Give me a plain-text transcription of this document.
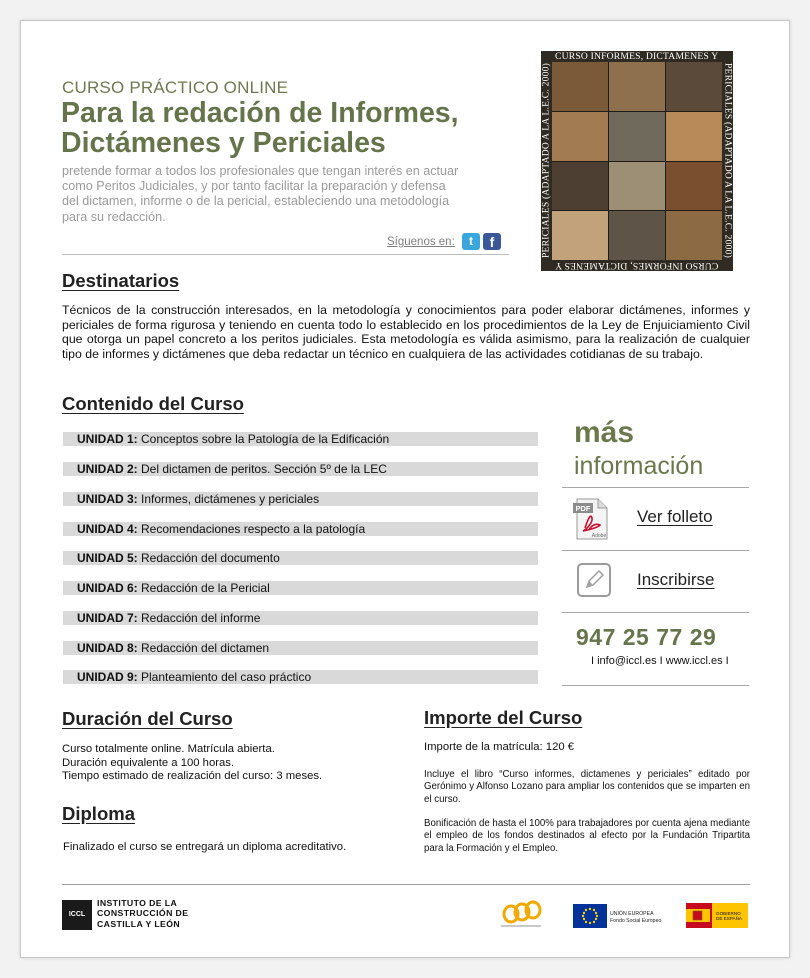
CURSO PRÁCTICO ONLINE
Para la redación de Informes,
Dictámenes y Periciales
pretende formar a todos los profesionales que tengan interés en actuar como Peritos Judiciales, y por tanto facilitar la preparación y defensa del dictamen, informe o de la pericial, estableciendo una metodología para su redacción.
Síguenos en:	t	f
CURSO INFORMES, DICTAMENES Y
CURSO INFORMES, DICTAMENES Y
PERICIALES (ADAPTADO A LA L.E.C. 2000)	PERICIALES (ADAPTADO A LA L.E.C. 2000)
Destinatarios
Técnicos de la construcción interesados, en la metodología y conocimientos para poder elaborar dictámenes, informes y periciales de forma rigurosa y teniendo en cuenta todo lo establecido en los procedimientos de la Ley de Enjuiciamiento Civil que otorga un papel concreto a los peritos judiciales. Esta metodología es válida asimismo, para la realización de cualquier tipo de informes y dictámenes que deba redactar un técnico en cualquiera de las actividades cotidianas de su trabajo.
Contenido del Curso
UNIDAD 1: Conceptos sobre la Patología de la Edificación
UNIDAD 2: Del dictamen de peritos. Sección 5º de la LEC
UNIDAD 3: Informes, dictámenes y periciales
UNIDAD 4: Recomendaciones respecto a la patología
UNIDAD 5: Redacción del documento
UNIDAD 6: Redacción de la Pericial
UNIDAD 7: Redacción del informe
UNIDAD 8: Redacción del dictamen
UNIDAD 9: Planteamiento del caso práctico
más
información
PDF
Adobe
Ver folleto
Inscribirse
947 25 77 29
I info@iccl.es I www.iccl.es I
Duración del Curso
Curso totalmente online. Matrícula abierta.
Duración equivalente a 100 horas.
Tiempo estimado de realización del curso: 3 meses.
Diploma
Finalizado el curso se entregará un diploma acreditativo.
Importe del Curso
Importe de la matrícula: 120 €
Incluye el libro “Curso informes, dictamenes y periciales” editado por Gerónimo y Alfonso Lozano para ampliar los contenidos que se imparten en el curso.
Bonificación de hasta el 100% para trabajadores por cuenta ajena mediante el empleo de los fondos destinados al efecto por la Fundación Tripartita para la Formación y el Empleo.
ICCL
INSTITUTO DE LA
CONSTRUCCIÓN DE
CASTILLA Y LEÓN
UNIÓN EUROPEA
Fondo Social Europeo
GOBIERNO
DE ESPAÑA
